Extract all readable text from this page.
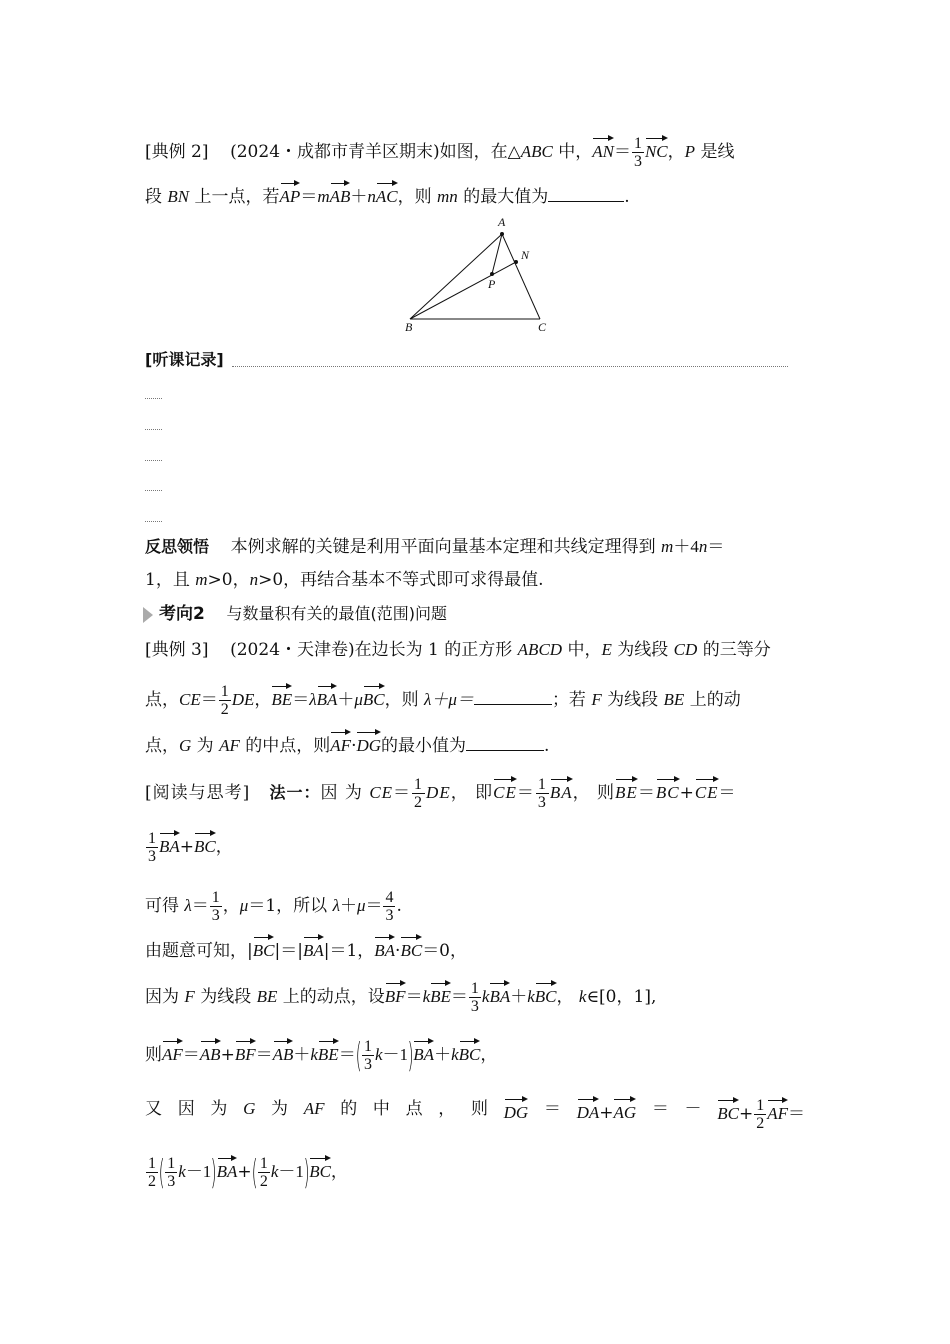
[典例 2] (2024・成都市青羊区期末)如图，在△ABC 中，$AN= \frac{1}{3}$ NC，P 是线
段 BN 上一点，若AP＝mAB＋nAC，则 mn 的最大值为	.
A
N
P
B	C
[听课记录]
反思领悟 本例求解的关键是利用平面向量基本定理和共线定理得到 m＋4n＝
1，且 m>0，n>0，再结合基本不等式即可求得最值.
考向2 与数量积有关的最值(范围)问题
[典例 3] (2024・天津卷)在边长为 1 的正方形 ABCD 中，E 为线段 CD 的三等分
点，$CE= \frac{1}{2}$ DE，BE＝λBA＋μBC，则 λ＋μ＝	；若 F 为线段 BE 上的动
点，G 为 AF 的中点，则AF·DG的最小值为	.
[阅读与思考] 法一：因 为 $CE= \frac{1}{2}$ DE， 即$CE= \frac{1}{3}$ BA， 则BE＝BC+CE＝
$\frac{1}{3} BA+BC$，
可得 $\lambda= \frac{1}{3}$ ，μ＝1，所以 $\lambda+\mu= \frac{4}{3}$ .
由题意可知，|BC|＝|BA|＝1，BA·BC＝0，
因为 F 为线段 BE 上的动点，设$BF=kBE= \frac{1}{3} kBA+kBC$， k∈[0，1],
则$AF=AB+BF=AB+kBE=( \frac{1}{3} k-1)BA+kBC$，
又 因 为 G 为 AF 的 中 点 ， 则 DG ＝ DA+AG ＝ － $BC+ \frac{1}{2} AF=$
$\frac{1}{2}$ ( $\frac{1}{3} k-1)BA+( \frac{1}{2} k-1)BC$，
